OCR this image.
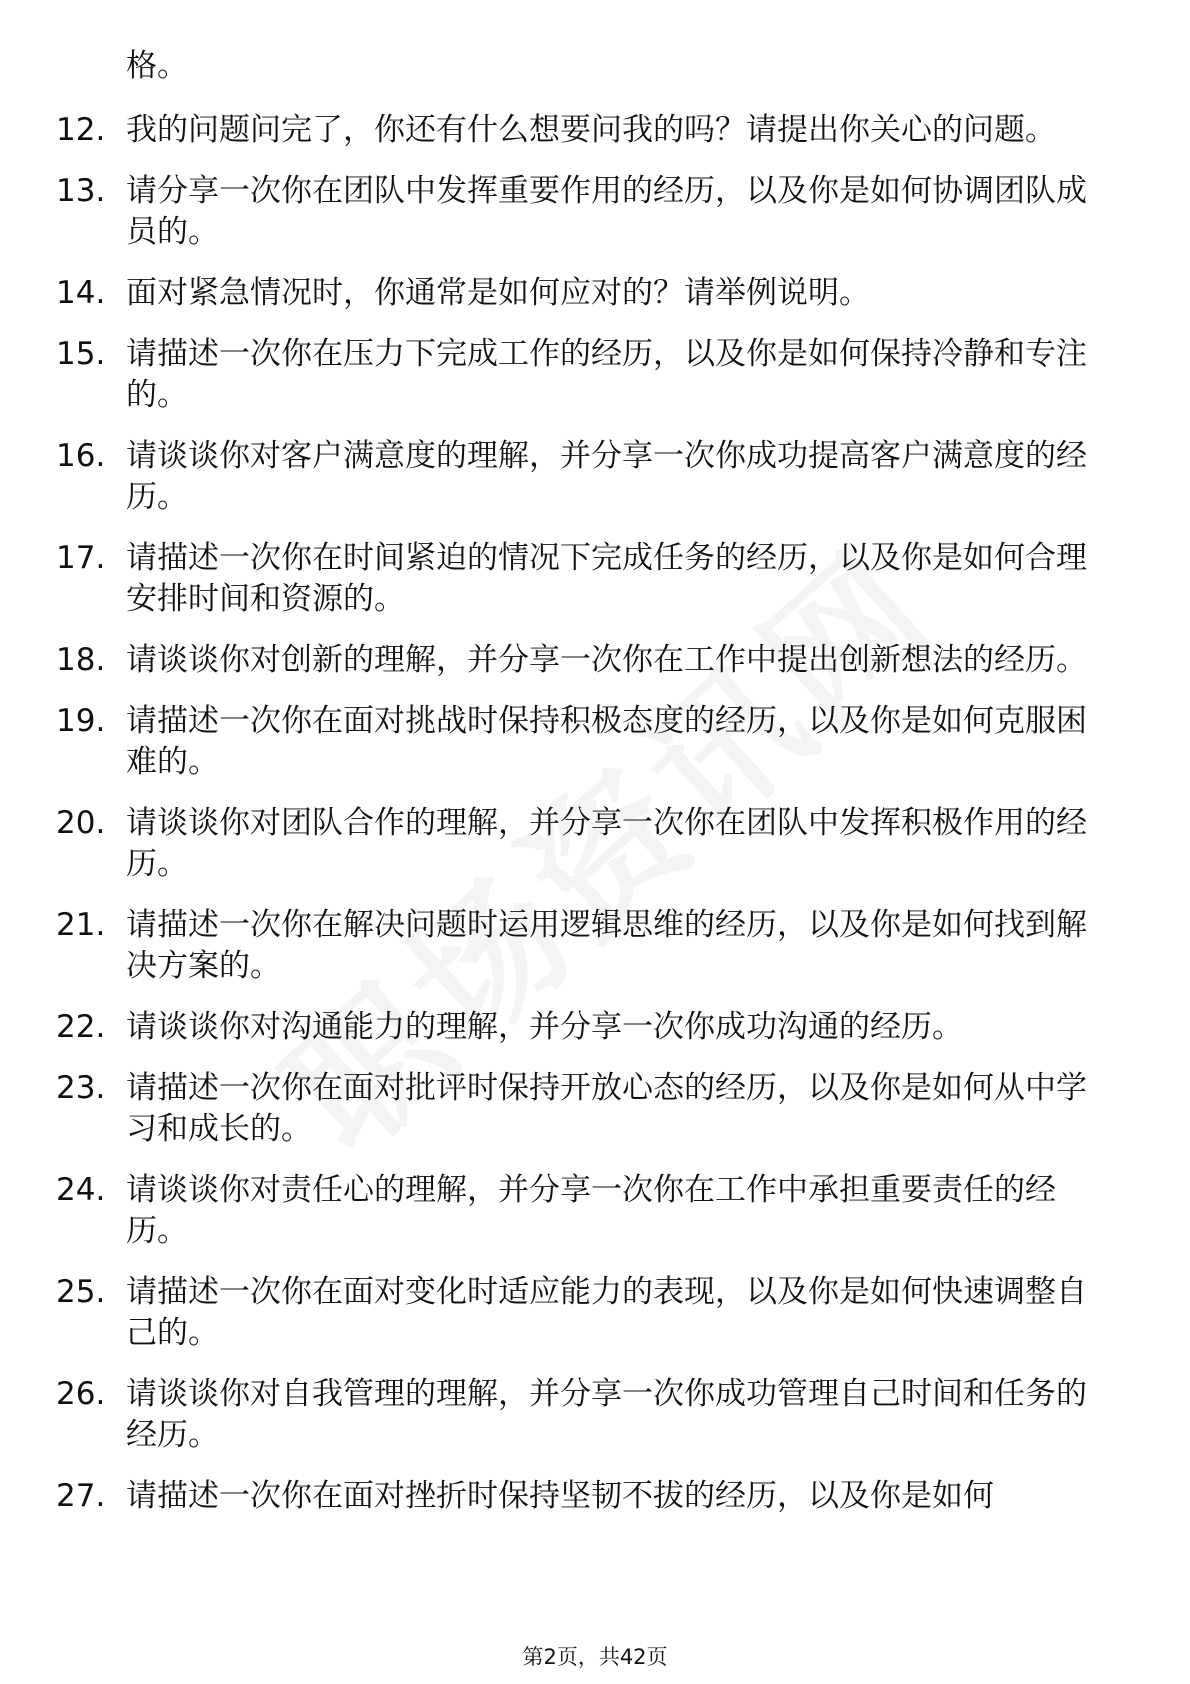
格。
12. 我的问题问完了，你还有什么想要问我的吗？请提出你关心的问题。
13. 请分享一次你在团队中发挥重要作用的经历，以及你是如何协调团队成员的。
14. 面对紧急情况时，你通常是如何应对的？请举例说明。
15. 请描述一次你在压力下完成工作的经历，以及你是如何保持冷静和专注的。
16. 请谈谈你对客户满意度的理解，并分享一次你成功提高客户满意度的经历。
17. 请描述一次你在时间紧迫的情况下完成任务的经历，以及你是如何合理安排时间和资源的。
18. 请谈谈你对创新的理解，并分享一次你在工作中提出创新想法的经历。
19. 请描述一次你在面对挑战时保持积极态度的经历，以及你是如何克服困难的。
20. 请谈谈你对团队合作的理解，并分享一次你在团队中发挥积极作用的经历。
21. 请描述一次你在解决问题时运用逻辑思维的经历，以及你是如何找到解决方案的。
22. 请谈谈你对沟通能力的理解，并分享一次你成功沟通的经历。
23. 请描述一次你在面对批评时保持开放心态的经历，以及你是如何从中学习和成长的。
24. 请谈谈你对责任心的理解，并分享一次你在工作中承担重要责任的经历。
25. 请描述一次你在面对变化时适应能力的表现，以及你是如何快速调整自己的。
26. 请谈谈你对自我管理的理解，并分享一次你成功管理自己时间和任务的经历。
27. 请描述一次你在面对挫折时保持坚韧不拔的经历，以及你是如何
第2页，共42页
